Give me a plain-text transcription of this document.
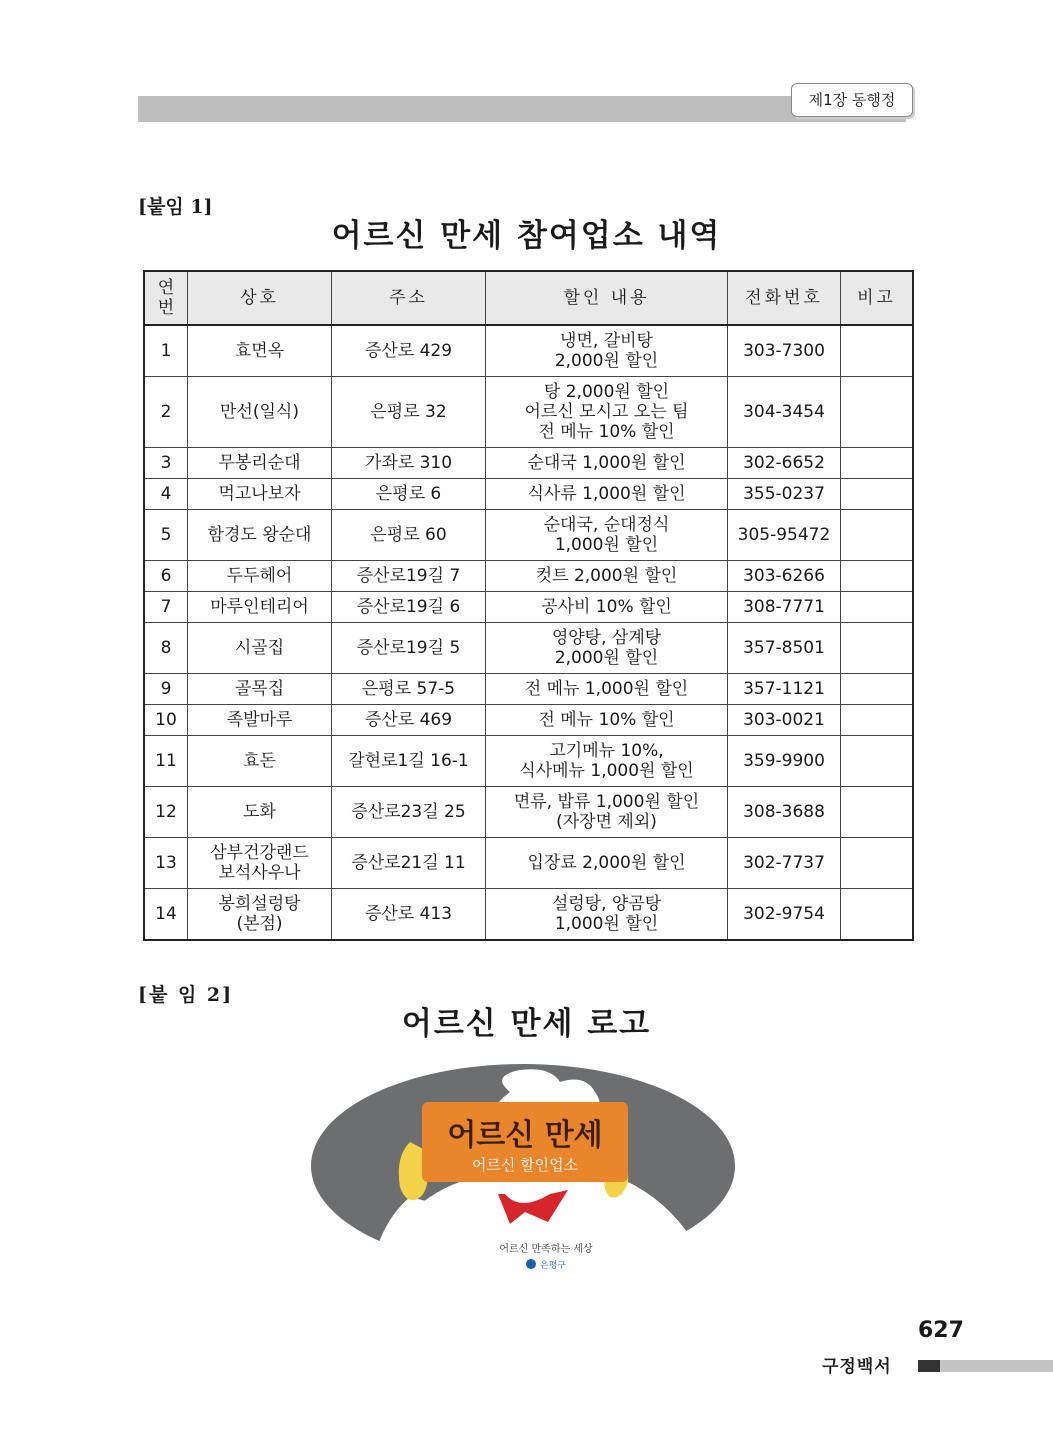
제1장 동행정
[붙임 1]
어르신 만세 참여업소 내역
연
번	상호	주소	할인 내용	전화번호	비고
1	효면옥	증산로 429	냉면, 갈비탕
2,000원 할인	303-7300	
2	만선(일식)	은평로 32	탕 2,000원 할인
어르신 모시고 오는 팀
전 메뉴 10% 할인	304-3454	
3	무봉리순대	가좌로 310	순대국 1,000원 할인	302-6652	
4	먹고나보자	은평로 6	식사류 1,000원 할인	355-0237	
5	함경도 왕순대	은평로 60	순대국, 순대정식
1,000원 할인	305-95472	
6	두두헤어	증산로19길 7	컷트 2,000원 할인	303-6266	
7	마루인테리어	증산로19길 6	공사비 10% 할인	308-7771	
8	시골집	증산로19길 5	영양탕, 삼계탕
2,000원 할인	357-8501	
9	골목집	은평로 57-5	전 메뉴 1,000원 할인	357-1121	
10	족발마루	증산로 469	전 메뉴 10% 할인	303-0021	
11	효돈	갈현로1길 16-1	고기메뉴 10%,
식사메뉴 1,000원 할인	359-9900	
12	도화	증산로23길 25	면류, 밥류 1,000원 할인
(자장면 제외)	308-3688	
13	삼부건강랜드
보석사우나	증산로21길 11	입장료 2,000원 할인	302-7737	
14	봉희설렁탕
(본점)	증산로 413	설렁탕, 양곰탕
1,000원 할인	302-9754	
[붙 임 2]
어르신 만세 로고
어르신 만세
어르신 할인업소
어르신 만족하는 세상
은평구
627
구정백서
